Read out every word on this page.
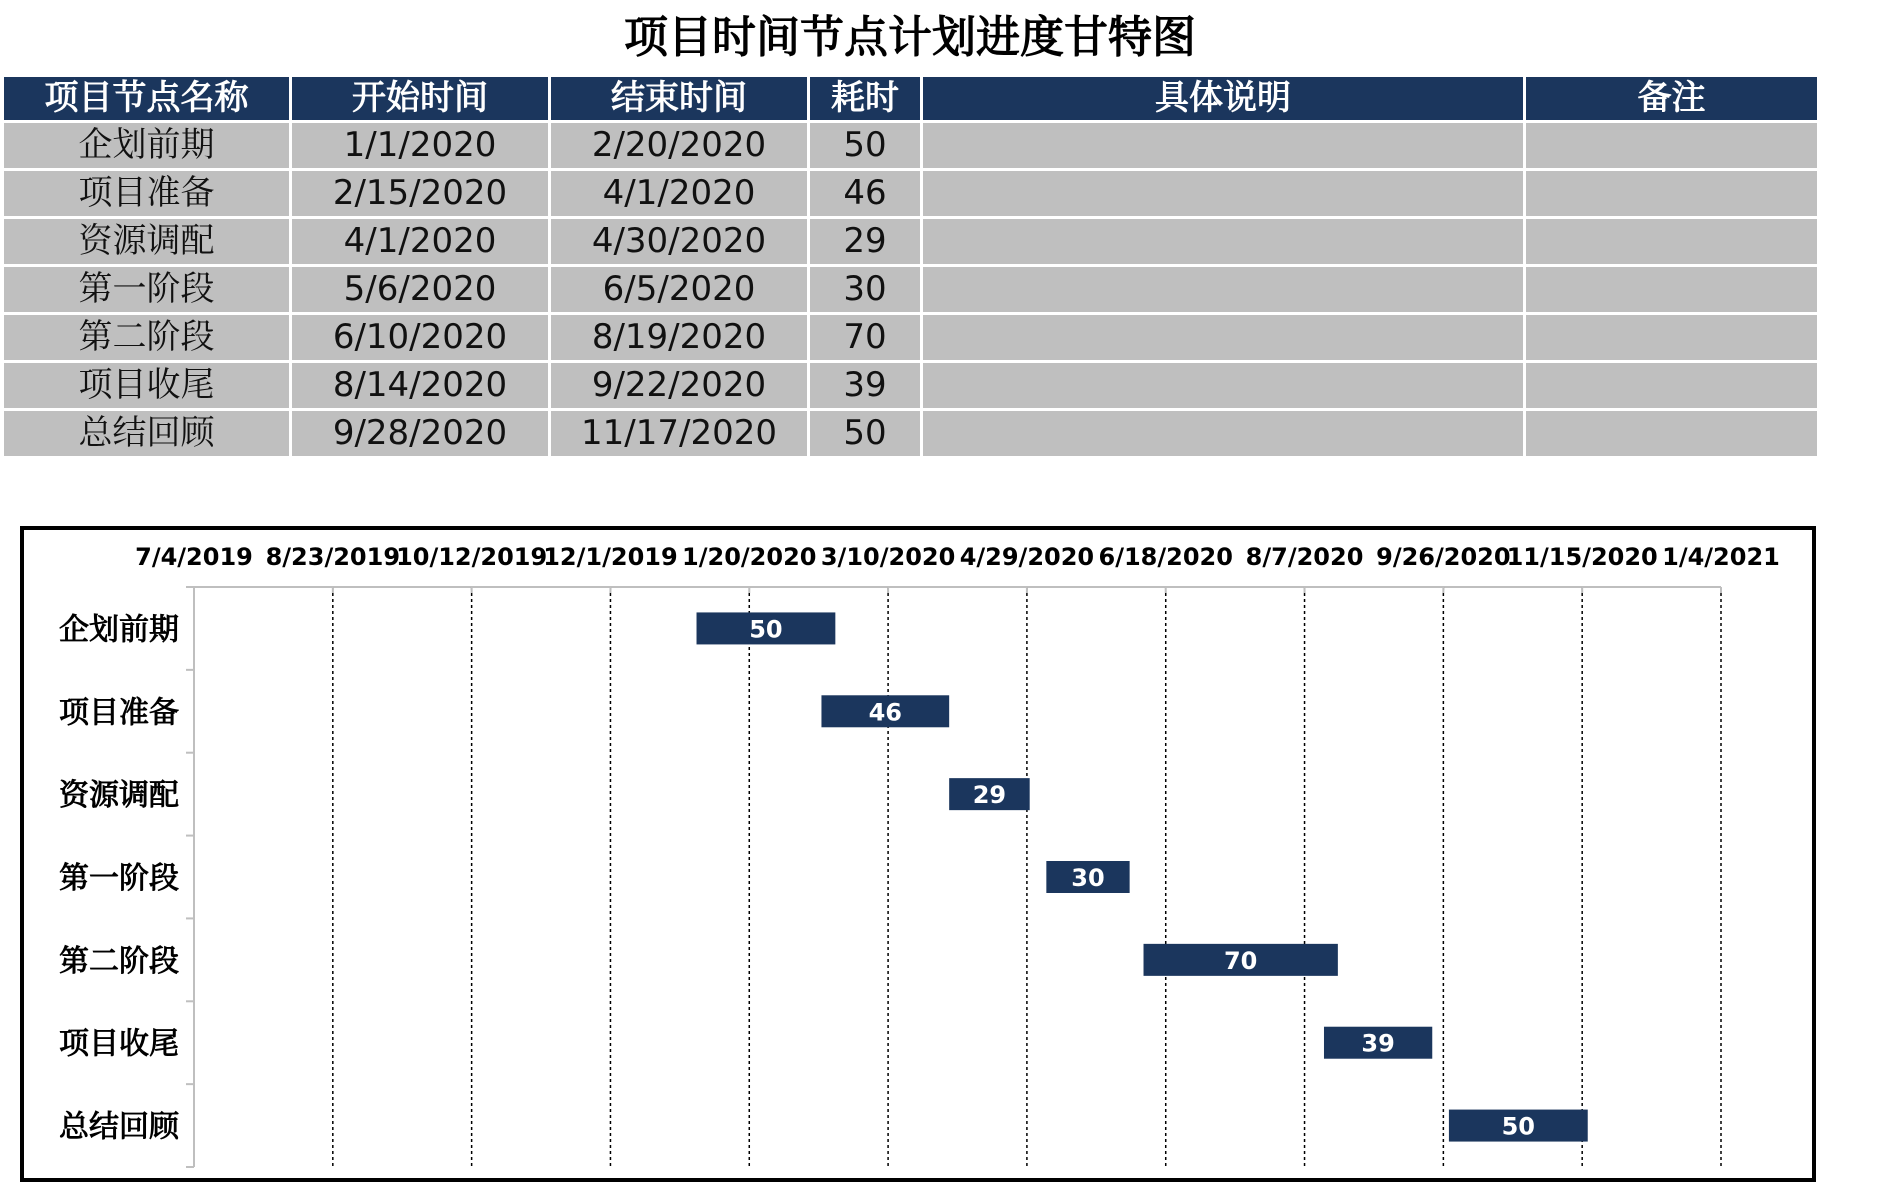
项目时间节点计划进度甘特图
项目节点名称	开始时间	结束时间	耗时	具体说明	备注
企划前期	1/1/2020	2/20/2020	50		
项目准备	2/15/2020	4/1/2020	46		
资源调配	4/1/2020	4/30/2020	29		
第一阶段	5/6/2020	6/5/2020	30		
第二阶段	6/10/2020	8/19/2020	70		
项目收尾	8/14/2020	9/22/2020	39		
总结回顾	9/28/2020	11/17/2020	50		
7/4/2019 8/23/2019
10/12/2019
12/1/2019 1/20/2020 3/10/2020 4/29/2020 6/18/2020 8/7/2020 9/26/2020
11/15/2020 1/4/2021
企划前期	50
项目准备	46
资源调配	29
第一阶段	30
第二阶段	70
项目收尾	39
总结回顾	50
